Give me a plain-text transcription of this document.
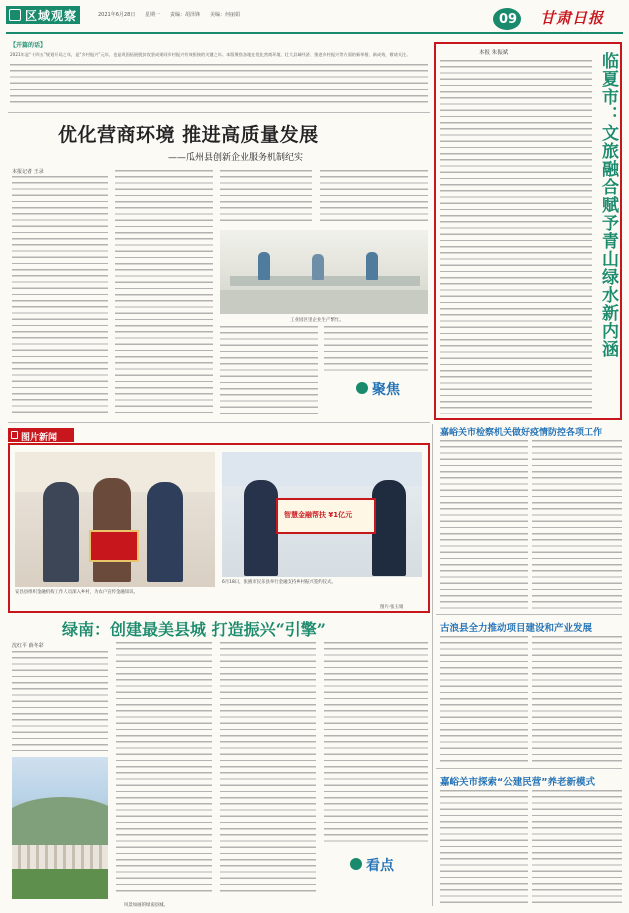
区域观察	2021年6月28日 星期一 责编：胡泽锋 美编：何丽娟	09 甘肃日报
【开篇的话】
2021年是“十四五”规划开局之年，是“乡村振兴”元年，也是巩固拓展脱贫攻坚成果同乡村振兴有效衔接的关键之年。本版聚焦各地在优化营商环境、壮大县域经济、推进乡村振兴等方面的新举措、新成效，敬请关注。
优化营商环境 推进高质量发展
——瓜州县创新企业服务机制纪实
本报记者 王录
工业园区里企业生产繁忙。
聚焦
本报 朱振斌	临夏市：文旅融合赋予青山绿水新内涵
图片新闻
安昌县组织金融机构工作人员深入乡村，为农户宣传金融知识。
智慧金融帮扶 ¥1亿元
6月18日，张掖市民乐县举行金融支持乡村振兴签约仪式。
图片·张玉娟
绿南：创建最美县城 打造振兴“引擎”
沈红平 薛冬彩
风景如画的绿南县城。
看点
嘉峪关市检察机关做好疫情防控各项工作
古浪县全力推动项目建设和产业发展
嘉峪关市探索“公建民营”养老新模式
